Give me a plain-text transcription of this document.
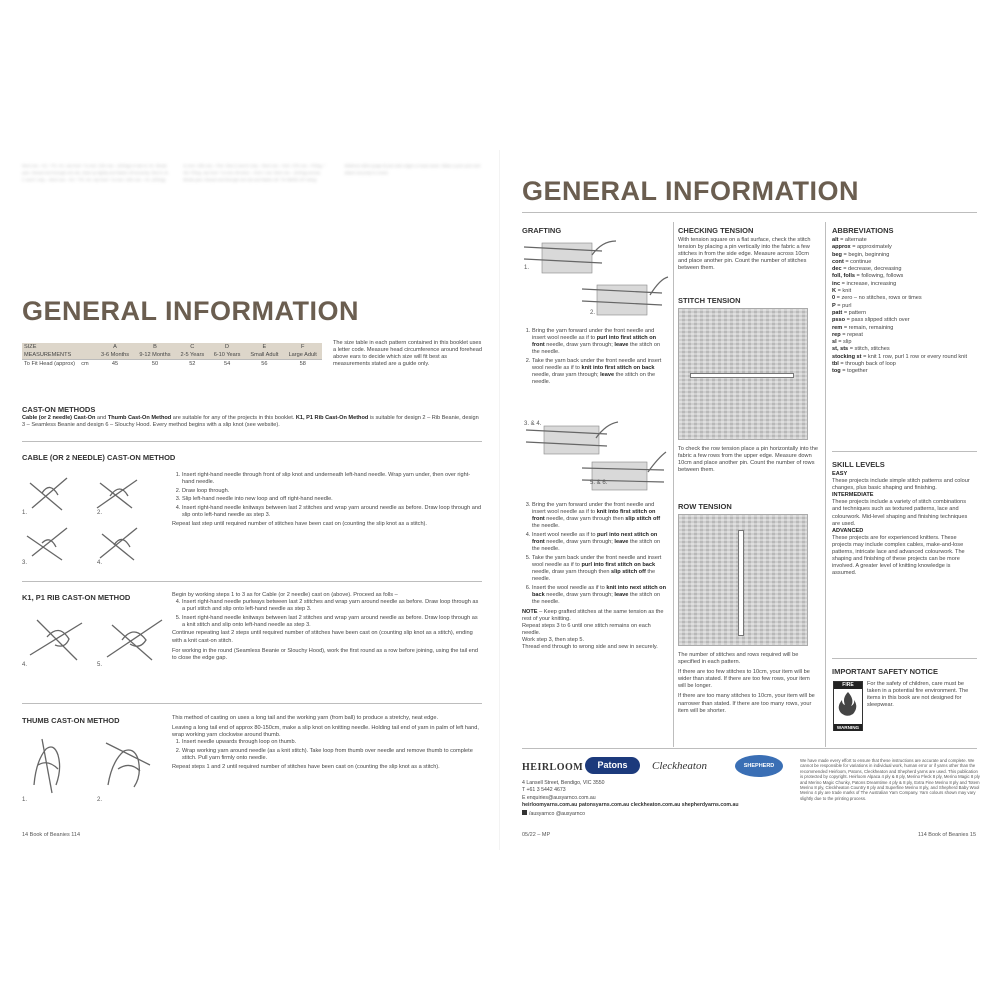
Next row – K1, * P1, K1, rep from * to end. 11th row – (K2tog) to last st, K1. Break yarn, thread end through rem sts, draw up tightly and fasten off securely. Size A, B, C and F only – Next row – K2, * P2, K2, rep from * to end. 12th row – K1, (K2tog) to end. 13th row – Purl. Size D and E only – Next row – Knit. 17th row – P2tog, * K8, P2tog, rep from * to end. All sizes – Knit 1 row. Next row – (K2tog) across. Break yarn, thread end through rem sts and fasten off. TO MAKE UP Using Mattress stitch (page 8) join side edges or back seam. Make a pom pom and attach securely to crown.
GENERAL INFORMATION
SIZE	A	B	C	D	E	F
MEASUREMENTS	3-6 Months	9-12 Months	2-5 Years	6-10 Years	Small Adult	Large Adult
To Fit Head (approx) cm	45	50	52	54	56	58
The size table in each pattern contained in this booklet uses a letter code. Measure head circumference around forehead above ears to decide which size will fit best as measurements stated are a guide only.
CAST-ON METHODS
Cable (or 2 needle) Cast-On and Thumb Cast-On Method are suitable for any of the projects in this booklet. K1, P1 Rib Cast-On Method is suitable for design 2 – Rib Beanie, design 3 – Seamless Beanie and design 6 – Slouchy Hood. Every method begins with a slip knot (see website).
CABLE (OR 2 NEEDLE) CAST-ON METHOD
1.	2.
3.	4.
1. Insert right-hand needle through front of slip knot and underneath left-hand needle. Wrap yarn under, then over right-hand needle.
2. Draw loop through.
3. Slip left-hand needle into new loop and off right-hand needle.
4. Insert right-hand needle knitways between last 2 stitches and wrap yarn around needle as before. Draw loop through and slip onto left-hand needle as step 3.
Repeat last step until required number of stitches have been cast on (counting the slip knot as a stitch).
K1, P1 RIB CAST-ON METHOD
4.	5.
Begin by working steps 1 to 3 as for Cable (or 2 needle) cast on (above). Proceed as folls –
4. Insert right-hand needle purlways between last 2 stitches and wrap yarn around needle as before. Draw loop through as a purl stitch and slip onto left-hand needle as step 3.
5. Insert right-hand needle knitways between last 2 stitches and wrap yarn around needle as before. Draw loop through as a knit stitch and slip onto left-hand needle as step 3.
Continue repeating last 2 steps until required number of stitches have been cast on (counting slip knot as a stitch), ending with a knit cast-on stitch.
For working in the round (Seamless Beanie or Slouchy Hood), work the first round as a row before joining, using the tail end to close the edge gap.
THUMB CAST-ON METHOD
1.	2.
This method of casting on uses a long tail and the working yarn (from ball) to produce a stretchy, neat edge.
Leaving a long tail end of approx 80-150cm, make a slip knot on knitting needle. Holding tail end of yarn in palm of left hand, wrap working yarn clockwise around thumb.
1. Insert needle upwards through loop on thumb.
2. Wrap working yarn around needle (as a knit stitch). Take loop from thumb over needle and remove thumb to complete stitch. Pull yarn firmly onto needle.
Repeat steps 1 and 2 until required number of stitches have been cast on (counting the slip knot as a stitch).
14 Book of Beanies 114
GENERAL INFORMATION
GRAFTING
1.
2.
1. Bring the yarn forward under the front needle and insert wool needle as if to purl into first stitch on front needle, draw yarn through; leave the stitch on the needle.
2. Take the yarn back under the front needle and insert wool needle as if to knit into first stitch on back needle, draw yarn through; leave the stitch on the needle.
3. & 4.
5. & 6.
3. Bring the yarn forward under the front needle and insert wool needle as if to knit into first stitch on front needle, draw yarn through then slip stitch off the needle.
4. Insert wool needle as if to purl into next stitch on front needle, draw yarn through; leave the stitch on the needle.
5. Take the yarn back under the front needle and insert wool needle as if to purl into first stitch on back needle, draw yarn through then slip stitch off the needle.
6. Insert the wool needle as if to knit into next stitch on back needle, draw yarn through; leave the stitch on the needle.
NOTE – Keep grafted stitches at the same tension as the rest of your knitting.
Repeat steps 3 to 6 until one stitch remains on each needle.
Work step 3, then step 5.
Thread end through to wrong side and sew in securely.
CHECKING TENSION
With tension square on a flat surface, check the stitch tension by placing a pin vertically into the fabric a few stitches in from the side edge. Measure across 10cm and place another pin. Count the number of stitches between them.
STITCH TENSION
To check the row tension place a pin horizontally into the fabric a few rows from the upper edge. Measure down 10cm and place another pin. Count the number of rows between them.
ROW TENSION
The number of stitches and rows required will be specified in each pattern.
If there are too few stitches to 10cm, your item will be wider than stated. If there are too few rows, your item will be longer.
If there are too many stitches to 10cm, your item will be narrower than stated. If there are too many rows, your item will be shorter.
ABBREVIATIONS
alt = alternate
approx = approximately
beg = begin, beginning
cont = continue
dec = decrease, decreasing
foll, folls = following, follows
inc = increase, increasing
K = knit
0 = zero – no stitches, rows or times
P = purl
patt = pattern
psso = pass slipped stitch over
rem = remain, remaining
rep = repeat
sl = slip
st, sts = stitch, stitches
stocking st = knit 1 row, purl 1 row or every round knit
tbl = through back of loop
tog = together
SKILL LEVELS
EASY
These projects include simple stitch patterns and colour changes, plus basic shaping and finishing.
INTERMEDIATE
These projects include a variety of stitch combinations and techniques such as textured patterns, lace and colourwork. Mid-level shaping and finishing techniques are used.
ADVANCED
These projects are for experienced knitters. These projects may include complex cables, make-and-lose patterns, intricate lace and advanced colourwork. The shaping and finishing of these projects can be more involved. A greater level of knitting knowledge is assumed.
IMPORTANT SAFETY NOTICE
FIRE
WARNING
For the safety of children, care must be taken in a potential fire environment. The items in this book are not designed for sleepwear.
HEIRLOOM	Patons	Cleckheaton	SHEPHERD
4 Lansell Street, Bendigo, VIC 3550
T +61 3 5442 4673
E enquiries@ausyarnco.com.au
heirloomyarns.com.au patonsyarns.com.au cleckheaton.com.au shepherdyarns.com.au
/ausyarnco @ausyarnco
We have made every effort to ensure that these instructions are accurate and complete. We cannot be responsible for variations in individual work, human error or if yarns other than the recommended Heirloom, Patons, Cleckheaton and Shepherd yarns are used. This publication is protected by copyright. Heirloom Alpaca 4 ply & 8 ply, Merino Fleck 8 ply, Merino Magic 8 ply and Merino Magic Chunky, Patons Dreamtime 4 ply & 8 ply, Extra Fine Merino 8 ply and Totem Merino 8 ply, Cleckheaton Country 8 ply and Superfine Merino 8 ply, and Shepherd Baby Wool Merino 4 ply are trade marks of The Australian Yarn Company. Yarn colours shown may vary slightly due to the printing process.
05/22 – MP	114 Book of Beanies 15
